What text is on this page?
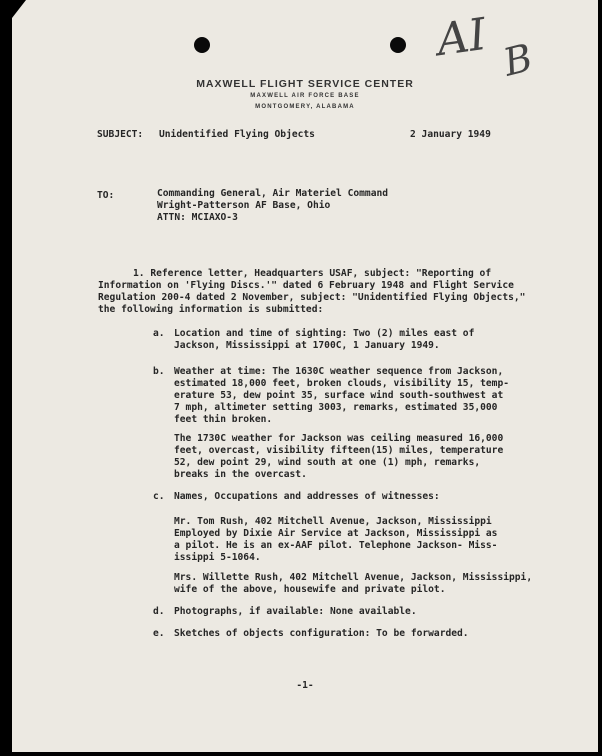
AI B
MAXWELL FLIGHT SERVICE CENTER
MAXWELL AIR FORCE BASE
MONTGOMERY, ALABAMA
SUBJECT: Unidentified Flying Objects	2 January 1949
TO:	Commanding General, Air Materiel Command
Wright-Patterson AF Base, Ohio
ATTN: MCIAXO-3
1. Reference letter, Headquarters USAF, subject: "Reporting of
Information on 'Flying Discs.'" dated 6 February 1948 and Flight Service
Regulation 200-4 dated 2 November, subject: "Unidentified Flying Objects,"
the following information is submitted:
a. Location and time of sighting: Two (2) miles east of
Jackson, Mississippi at 1700C, 1 January 1949.
b. Weather at time: The 1630C weather sequence from Jackson,
estimated 18,000 feet, broken clouds, visibility 15, temp-
erature 53, dew point 35, surface wind south-southwest at
7 mph, altimeter setting 3003, remarks, estimated 35,000
feet thin broken.
The 1730C weather for Jackson was ceiling measured 16,000
feet, overcast, visibility fifteen(15) miles, temperature
52, dew point 29, wind south at one (1) mph, remarks,
breaks in the overcast.
c. Names, Occupations and addresses of witnesses:
Mr. Tom Rush, 402 Mitchell Avenue, Jackson, Mississippi
Employed by Dixie Air Service at Jackson, Mississippi as
a pilot. He is an ex-AAF pilot. Telephone Jackson- Miss-
issippi 5-1064.
Mrs. Willette Rush, 402 Mitchell Avenue, Jackson, Mississippi,
wife of the above, housewife and private pilot.
d. Photographs, if available: None available.
e. Sketches of objects configuration: To be forwarded.
-1-
